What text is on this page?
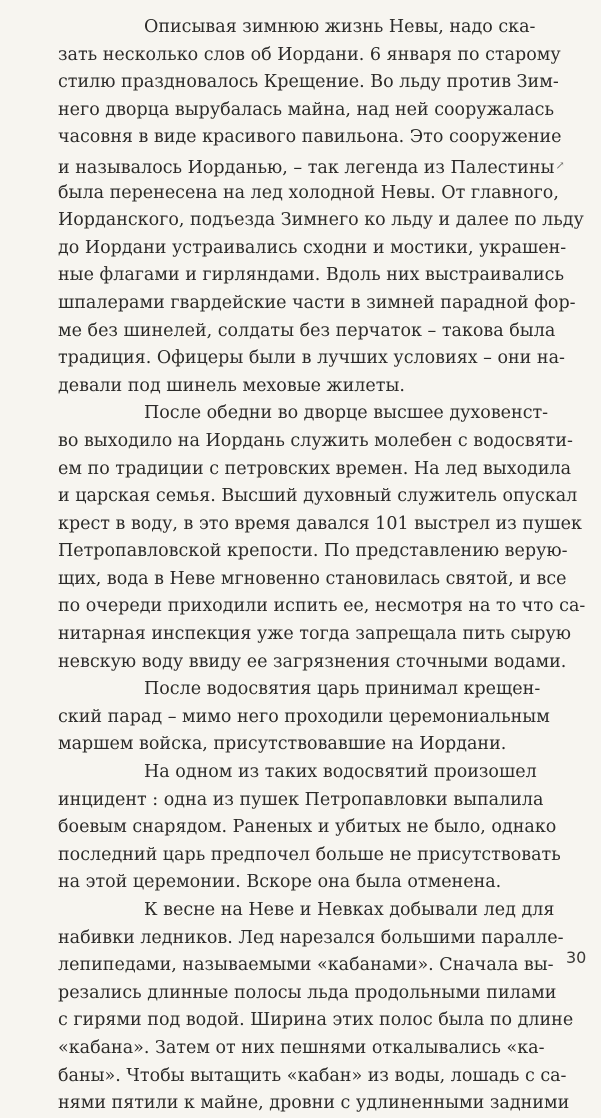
Описывая зимнюю жизнь Невы, надо ска-
зать несколько слов об Иордани. 6 января по старому
стилю праздновалось Крещение. Во льду против Зим-
него дворца вырубалась майна, над ней сооружалась
часовня в виде красивого павильона. Это сооружение
и называлось Иорданью, – так легенда из Палестины↗
была перенесена на лед холодной Невы. От главного,
Иорданского, подъезда Зимнего ко льду и далее по льду
до Иордани устраивались сходни и мостики, украшен-
ные флагами и гирляндами. Вдоль них выстраивались
шпалерами гвардейские части в зимней парадной фор-
ме без шинелей, солдаты без перчаток – такова была
традиция. Офицеры были в лучших условиях – они на-
девали под шинель меховые жилеты.
После обедни во дворце высшее духовенст-
во выходило на Иордань служить молебен с водосвяти-
ем по традиции с петровских времен. На лед выходила
и царская семья. Высший духовный служитель опускал
крест в воду, в это время давался 101 выстрел из пушек
Петропавловской крепости. По представлению верую-
щих, вода в Неве мгновенно становилась святой, и все
по очереди приходили испить ее, несмотря на то что са-
нитарная инспекция уже тогда запрещала пить сырую
невскую воду ввиду ее загрязнения сточными водами.
После водосвятия царь принимал крещен-
ский парад – мимо него проходили церемониальным
маршем войска, присутствовавшие на Иордани.
На одном из таких водосвятий произошел
инцидент : одна из пушек Петропавловки выпалила
боевым снарядом. Раненых и убитых не было, однако
последний царь предпочел больше не присутствовать
на этой церемонии. Вскоре она была отменена.
К весне на Неве и Невках добывали лед для
набивки ледников. Лед нарезался большими паралле-
лепипедами, называемыми «кабанами». Сначала вы-
резались длинные полосы льда продольными пилами
с гирями под водой. Ширина этих полос была по длине
«кабана». Затем от них пешнями откалывались «ка-
баны». Чтобы вытащить «кабан» из воды, лошадь с са-
нями пятили к майне, дровни с удлиненными задними
30
